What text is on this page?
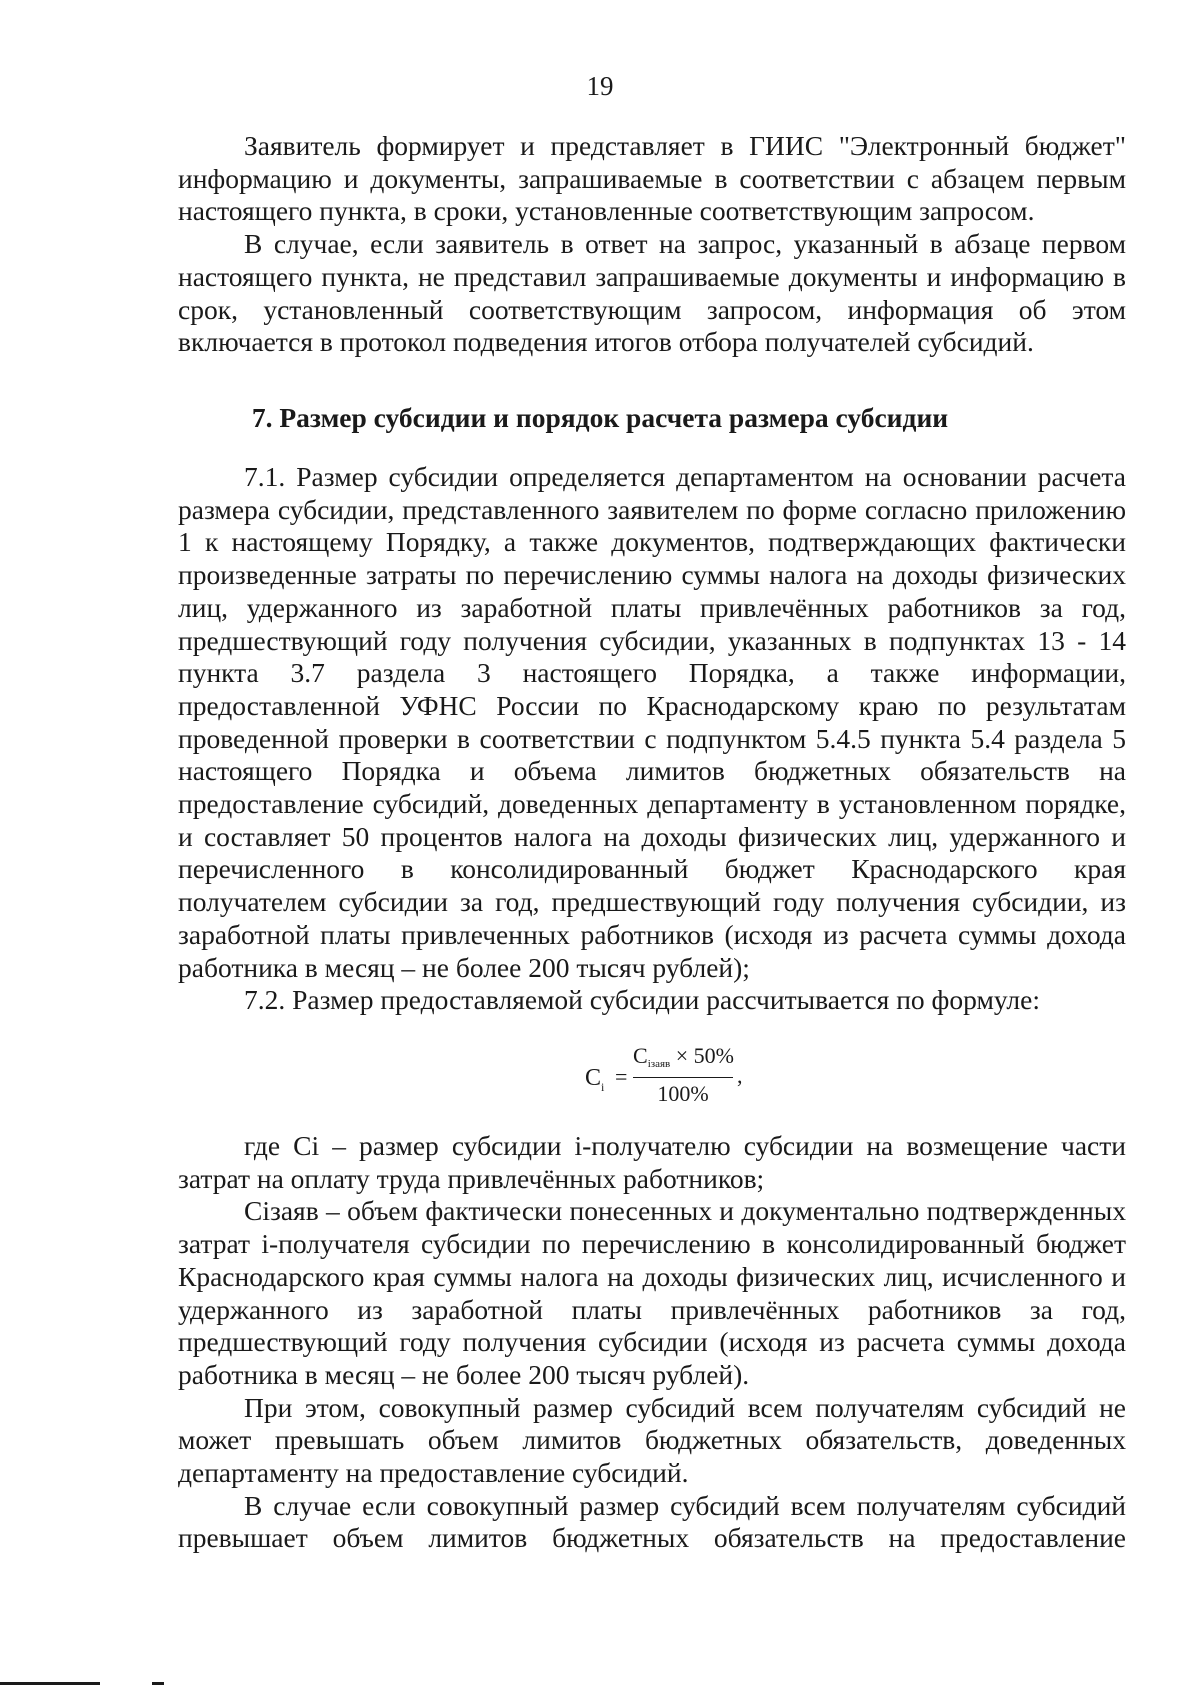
19

Заявитель формирует и представляет в ГИИС "Электронный бюджет" информацию и документы, запрашиваемые в соответствии с абзацем первым настоящего пункта, в сроки, установленные соответствующим запросом.

В случае, если заявитель в ответ на запрос, указанный в абзаце первом настоящего пункта, не представил запрашиваемые документы и информацию в срок, установленный соответствующим запросом, информация об этом включается в протокол подведения итогов отбора получателей субсидий.

7. Размер субсидии и порядок расчета размера субсидии

7.1. Размер субсидии определяется департаментом на основании расчета размера субсидии, представленного заявителем по форме согласно приложению 1 к настоящему Порядку, а также документов, подтверждающих фактически произведенные затраты по перечислению суммы налога на доходы физических лиц, удержанного из заработной платы привлечённых работников за год, предшествующий году получения субсидии, указанных в подпунктах 13 - 14 пункта 3.7 раздела 3 настоящего Порядка, а также информации, предоставленной УФНС России по Краснодарскому краю по результатам проведенной проверки в соответствии с подпунктом 5.4.5 пункта 5.4 раздела 5 настоящего Порядка и объема лимитов бюджетных обязательств на предоставление субсидий, доведенных департаменту в установленном порядке, и составляет 50 процентов налога на доходы физических лиц, удержанного и перечисленного в консолидированный бюджет Краснодарского края получателем субсидии за год, предшествующий году получения субсидии, из заработной платы привлеченных работников (исходя из расчета суммы дохода работника в месяц – не более 200 тысяч рублей);

7.2. Размер предоставляемой субсидии рассчитывается по формуле:

$C_i$ =
$C_{iзаяв} \times 50\%$
100%
,

где Ci – размер субсидии i-получателю субсидии на возмещение части затрат на оплату труда привлечённых работников;

Сiзаяв – объем фактически понесенных и документально подтвержденных затрат i-получателя субсидии по перечислению в консолидированный бюджет Краснодарского края суммы налога на доходы физических лиц, исчисленного и удержанного из заработной платы привлечённых работников за год, предшествующий году получения субсидии (исходя из расчета суммы дохода работника в месяц – не более 200 тысяч рублей).

При этом, совокупный размер субсидий всем получателям субсидий не может превышать объем лимитов бюджетных обязательств, доведенных департаменту на предоставление субсидий.

В случае если совокупный размер субсидий всем получателям субсидий превышает объем лимитов бюджетных обязательств на предоставление
